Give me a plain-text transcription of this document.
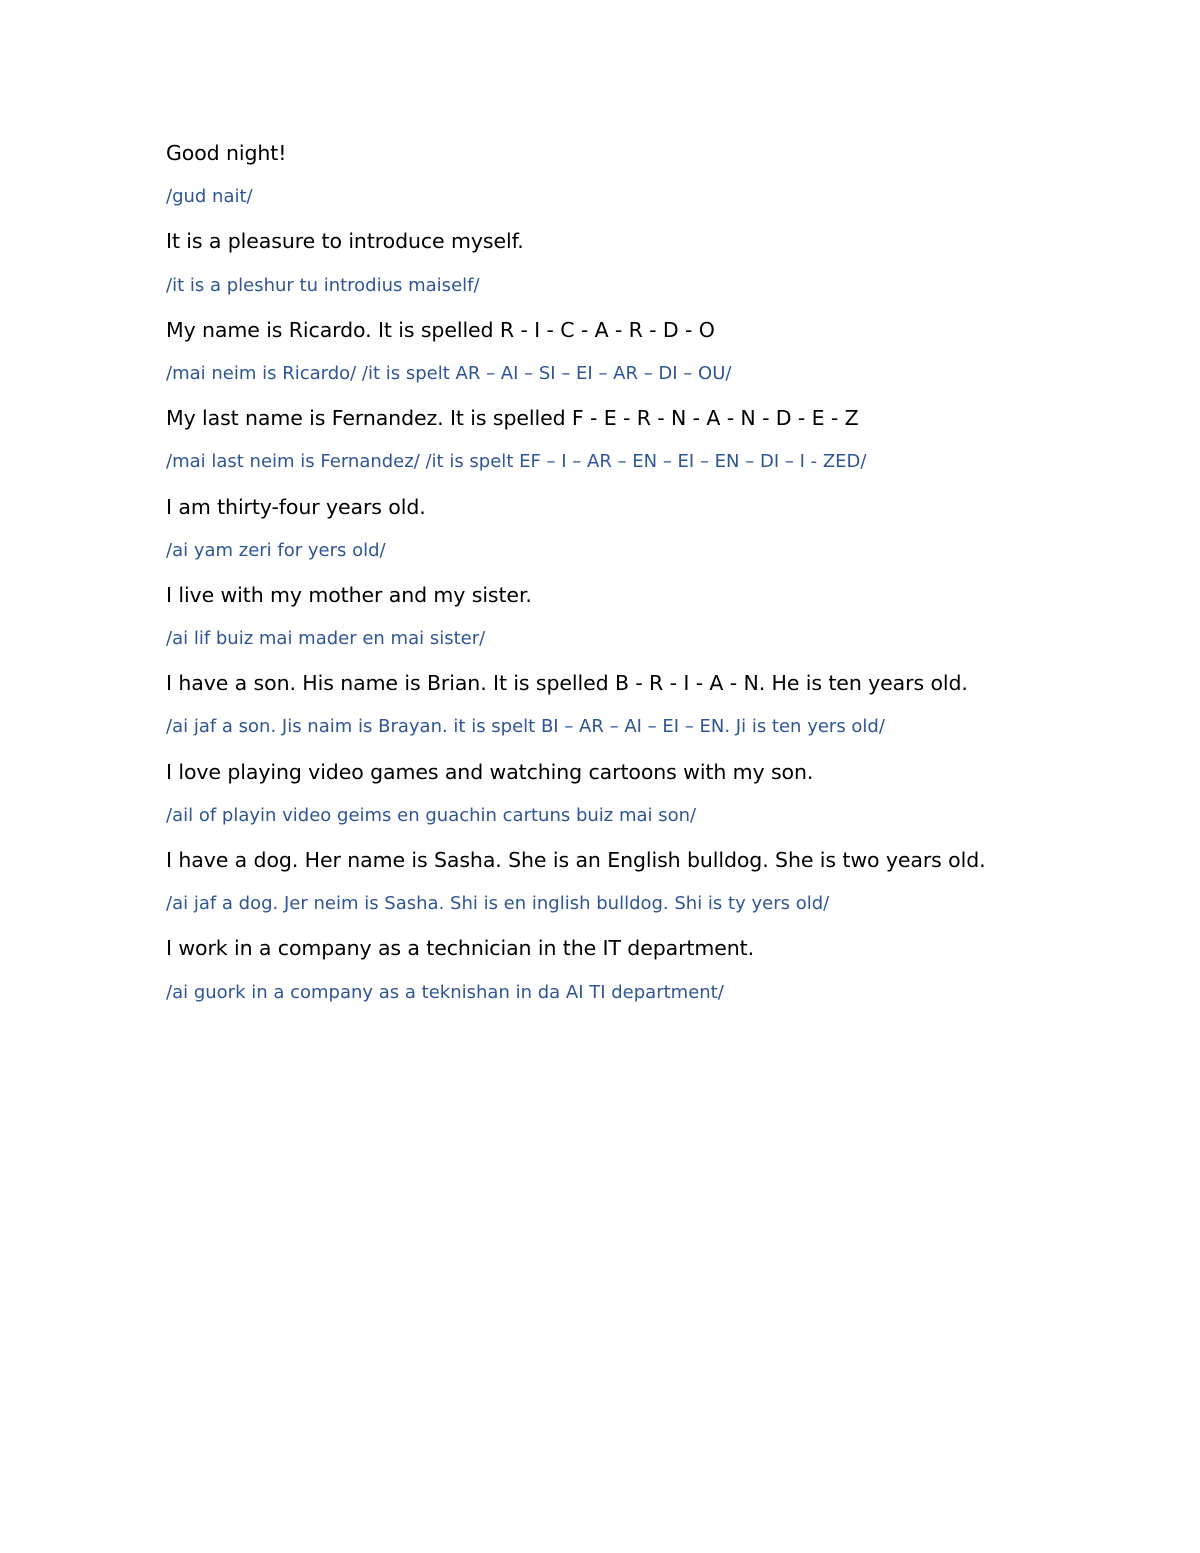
Good night!

/gud nait/

It is a pleasure to introduce myself.

/it is a pleshur tu introdius maiself/

My name is Ricardo. It is spelled R - I - C - A - R - D - O

/mai neim is Ricardo/ /it is spelt AR – AI – SI – EI – AR – DI – OU/

My last name is Fernandez. It is spelled F - E - R - N - A - N - D - E - Z

/mai last neim is Fernandez/ /it is spelt EF – I – AR – EN – EI – EN – DI – I - ZED/

I am thirty-four years old.

/ai yam zeri for yers old/

I live with my mother and my sister.

/ai lif buiz mai mader en mai sister/

I have a son. His name is Brian. It is spelled B - R - I - A - N. He is ten years old.

/ai jaf a son. Jis naim is Brayan. it is spelt BI – AR – AI – EI – EN. Ji is ten yers old/

I love playing video games and watching cartoons with my son.

/ail of playin video geims en guachin cartuns buiz mai son/

I have a dog. Her name is Sasha. She is an English bulldog. She is two years old.

/ai jaf a dog. Jer neim is Sasha. Shi is en inglish bulldog. Shi is ty yers old/

I work in a company as a technician in the IT department.

/ai guork in a company as a teknishan in da AI TI department/
